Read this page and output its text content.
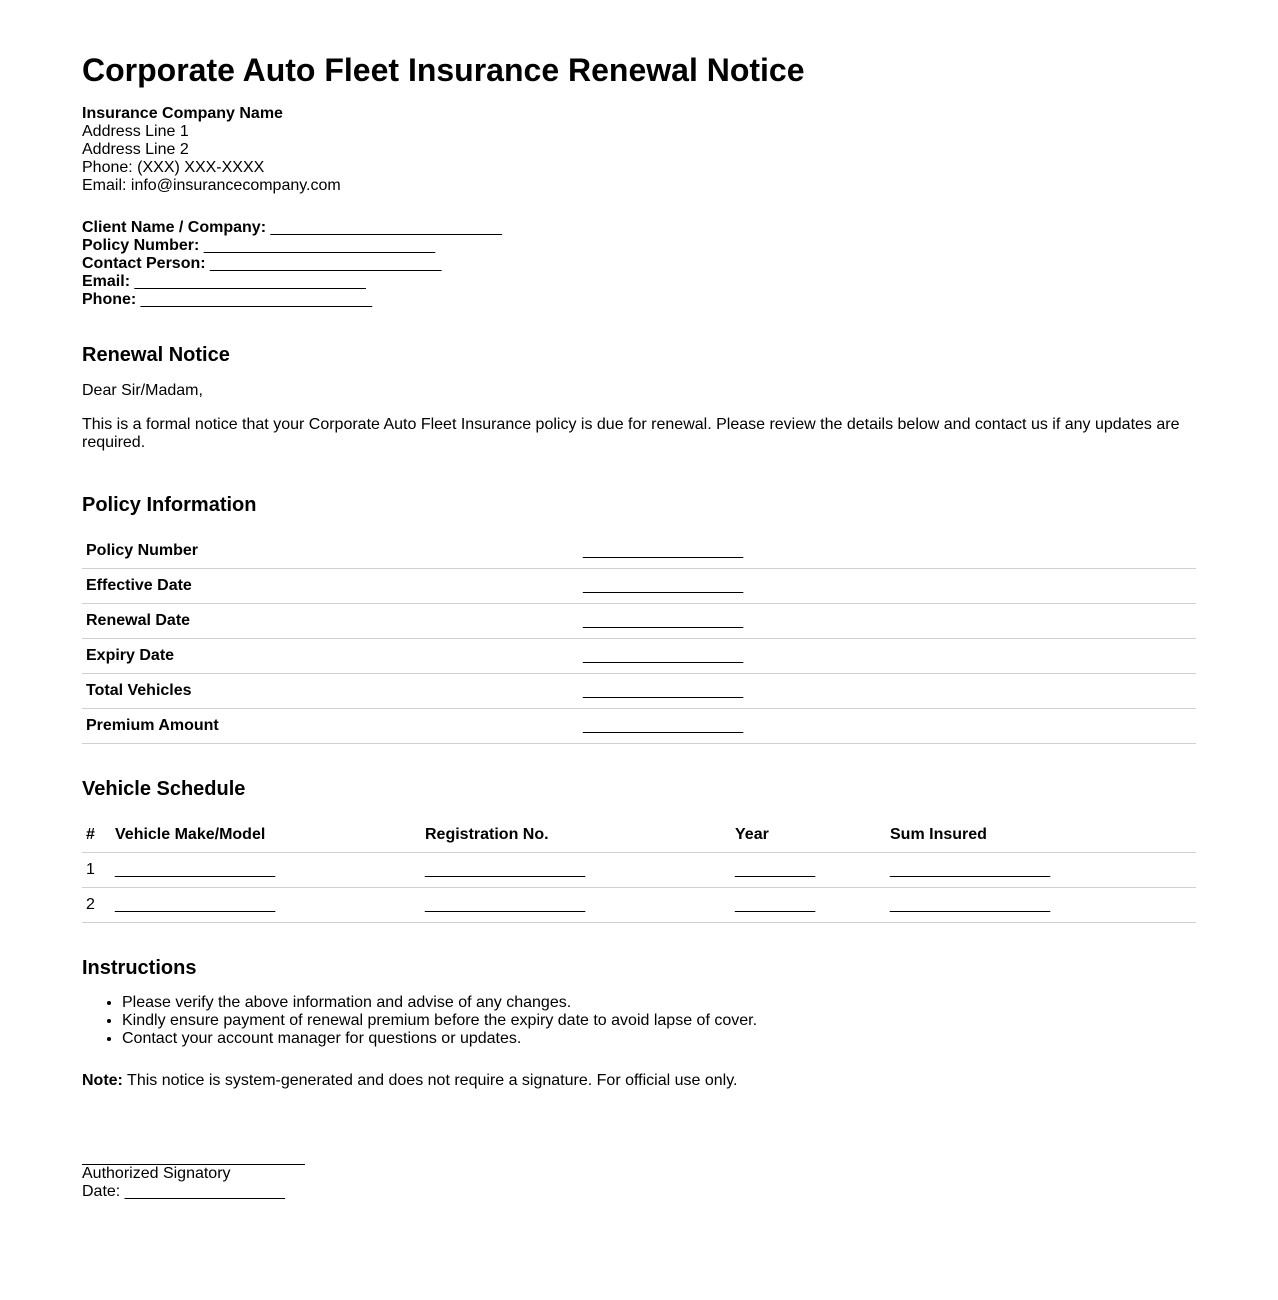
Corporate Auto Fleet Insurance Renewal Notice
Insurance Company Name
Address Line 1
Address Line 2
Phone: (XXX) XXX-XXXX
Email: info@insurancecompany.com
Client Name / Company: __________________________
Policy Number: __________________________
Contact Person: __________________________
Email: __________________________
Phone: __________________________
Renewal Notice

Dear Sir/Madam,

This is a formal notice that your Corporate Auto Fleet Insurance policy is due for renewal. Please review the details below and contact us if any updates are required.

Policy Information
Policy Number	__________________
Effective Date	__________________
Renewal Date	__________________
Expiry Date	__________________
Total Vehicles	__________________
Premium Amount	__________________
Vehicle Schedule
#	Vehicle Make/Model	Registration No.	Year	Sum Insured
1	__________________	__________________	_________	__________________
2	__________________	__________________	_________	__________________
Instructions
• Please verify the above information and advise of any changes.
• Kindly ensure payment of renewal premium before the expiry date to avoid lapse of cover.
• Contact your account manager for questions or updates.

Note: This notice is system-generated and does not require a signature. For official use only.

Authorized Signatory
Date: __________________
